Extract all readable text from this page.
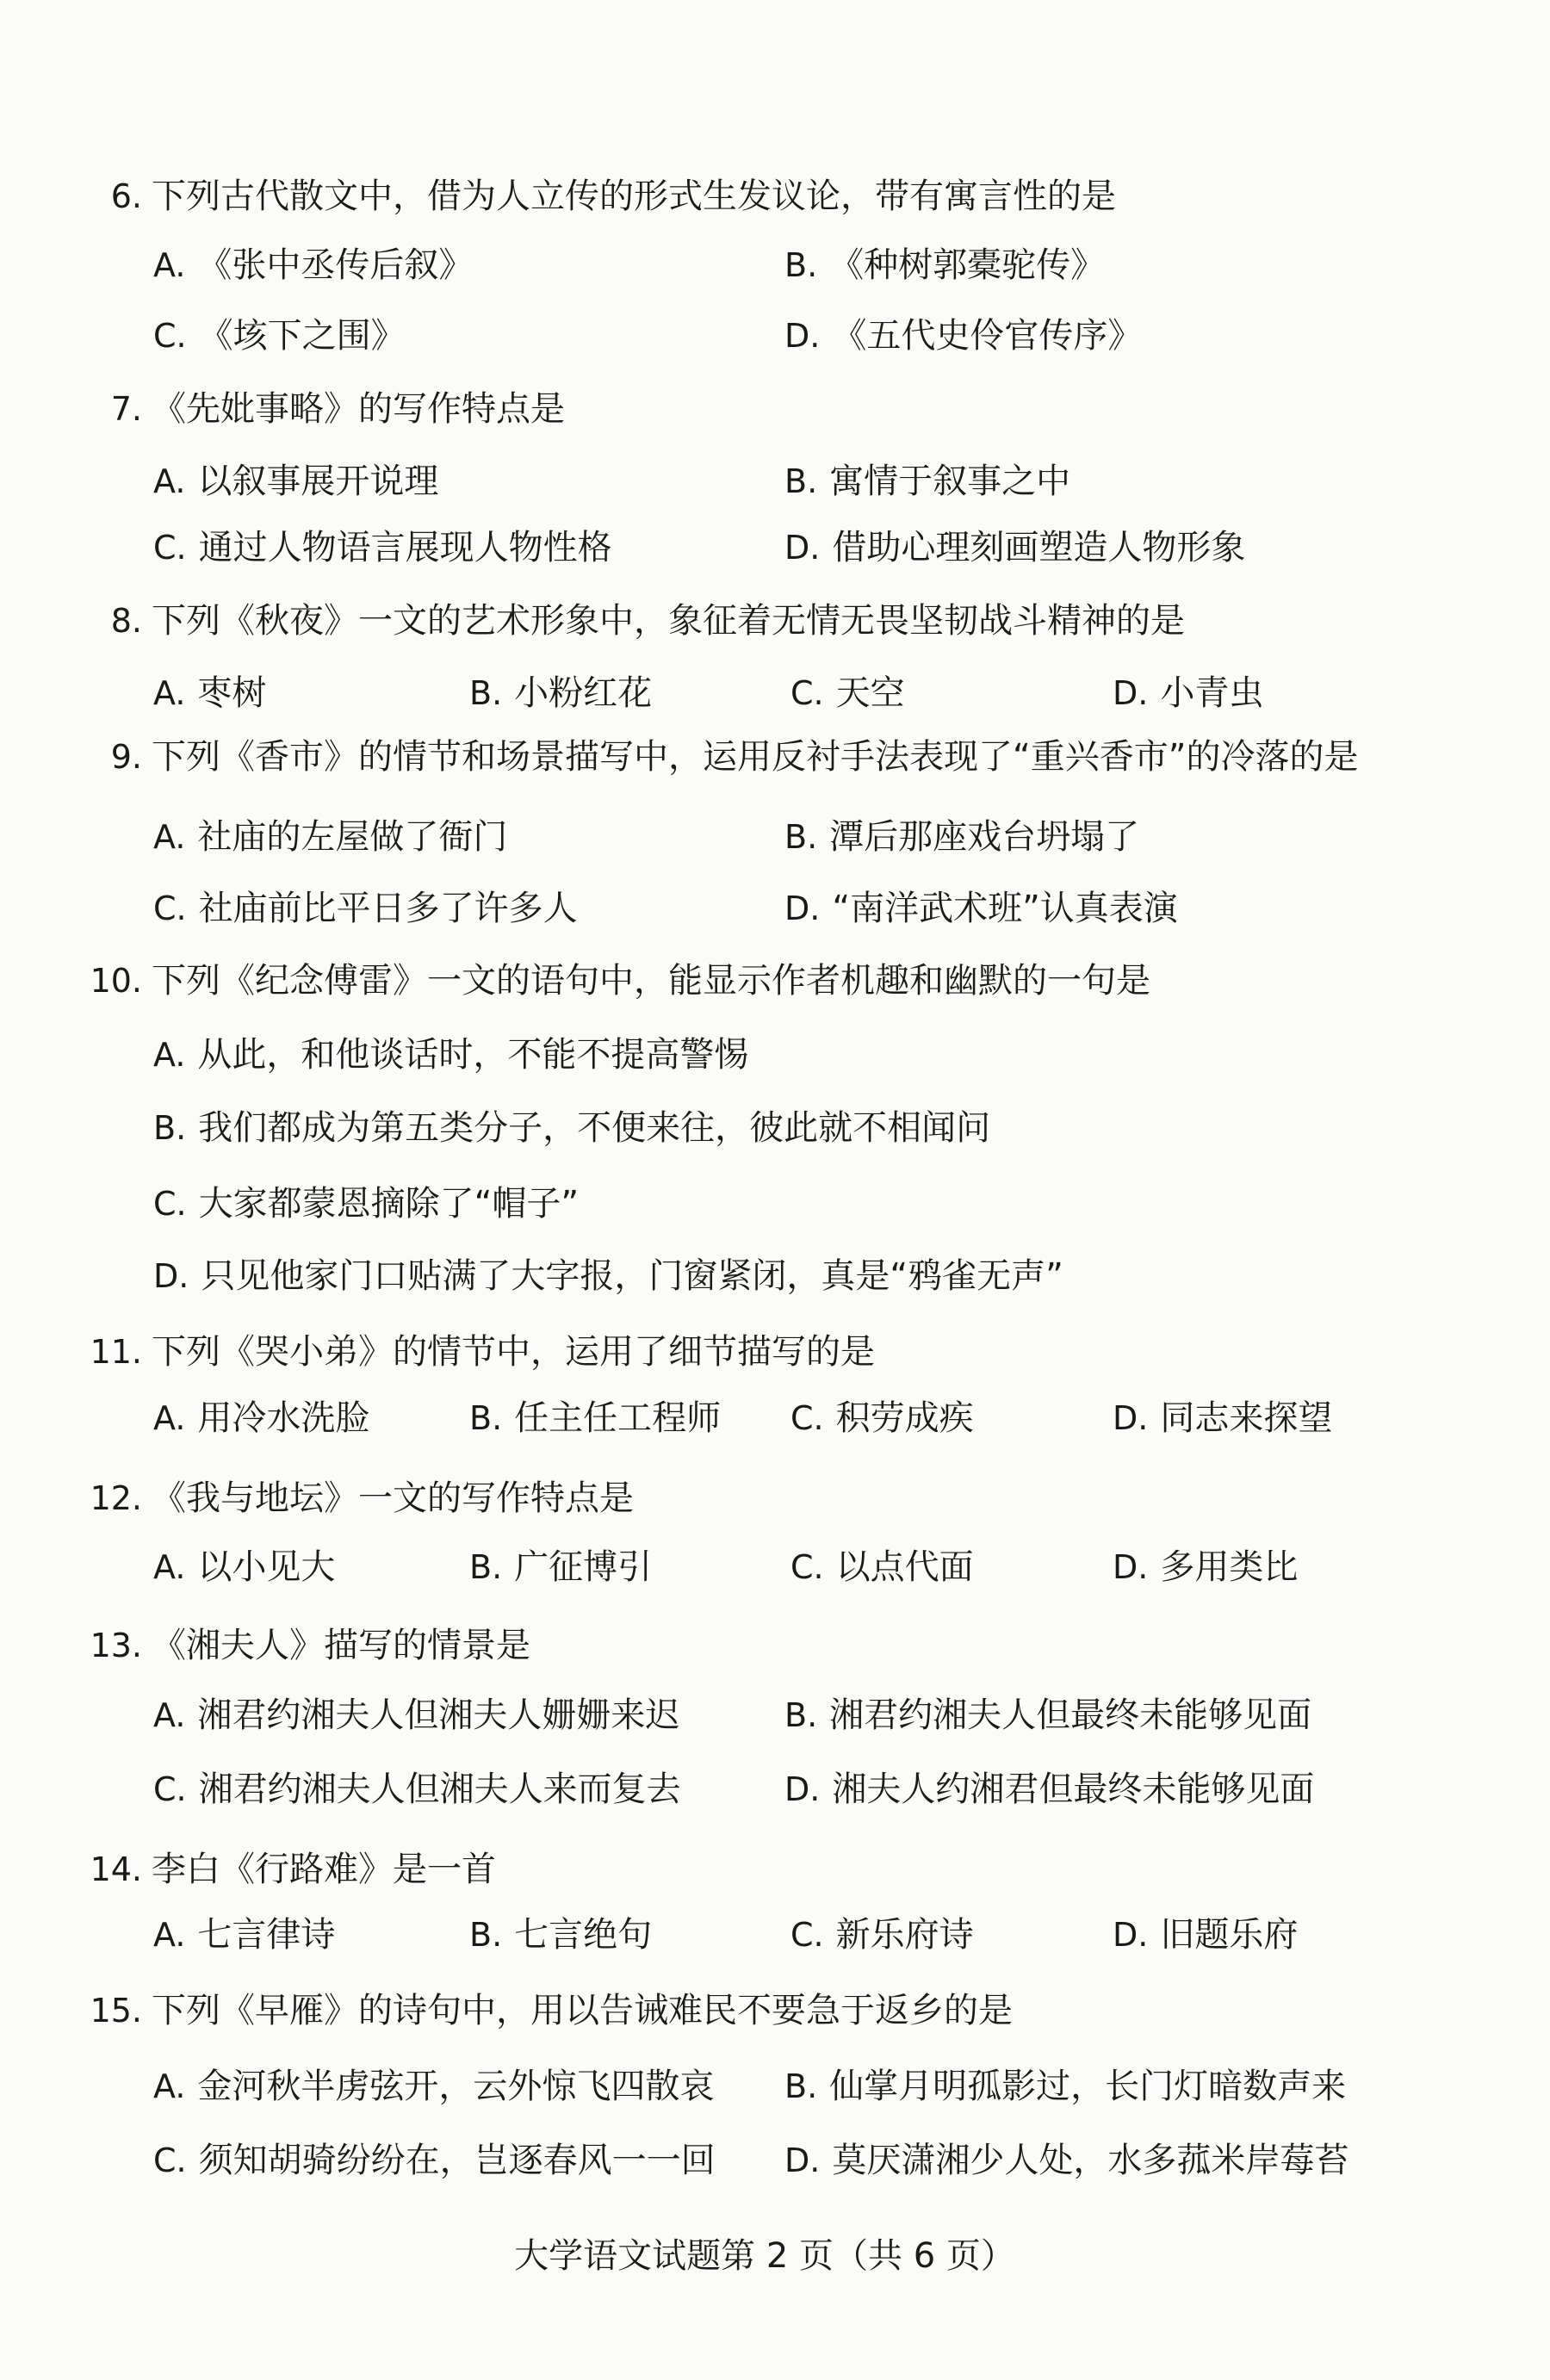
6. 下列古代散文中，借为人立传的形式生发议论，带有寓言性的是
A. 《张中丞传后叙》	B. 《种树郭橐驼传》
C. 《垓下之围》	D. 《五代史伶官传序》
7. 《先妣事略》的写作特点是
A. 以叙事展开说理	B. 寓情于叙事之中
C. 通过人物语言展现人物性格	D. 借助心理刻画塑造人物形象
8. 下列《秋夜》一文的艺术形象中，象征着无情无畏坚韧战斗精神的是
A. 枣树	B. 小粉红花	C. 天空	D. 小青虫
9. 下列《香市》的情节和场景描写中，运用反衬手法表现了“重兴香市”的冷落的是
A. 社庙的左屋做了衙门	B. 潭后那座戏台坍塌了
C. 社庙前比平日多了许多人	D. “南洋武术班”认真表演
10. 下列《纪念傅雷》一文的语句中，能显示作者机趣和幽默的一句是
A. 从此，和他谈话时，不能不提高警惕
B. 我们都成为第五类分子，不便来往，彼此就不相闻问
C. 大家都蒙恩摘除了“帽子”
D. 只见他家门口贴满了大字报，门窗紧闭，真是“鸦雀无声”
11. 下列《哭小弟》的情节中，运用了细节描写的是
A. 用冷水洗脸	B. 任主任工程师 C. 积劳成疾	D. 同志来探望
12. 《我与地坛》一文的写作特点是
A. 以小见大	B. 广征博引	C. 以点代面	D. 多用类比
13. 《湘夫人》描写的情景是
A. 湘君约湘夫人但湘夫人姗姗来迟	B. 湘君约湘夫人但最终未能够见面
C. 湘君约湘夫人但湘夫人来而复去	D. 湘夫人约湘君但最终未能够见面
14. 李白《行路难》是一首
A. 七言律诗	B. 七言绝句	C. 新乐府诗	D. 旧题乐府
15. 下列《早雁》的诗句中，用以告诫难民不要急于返乡的是
A. 金河秋半虏弦开，云外惊飞四散哀 B. 仙掌月明孤影过，长门灯暗数声来
C. 须知胡骑纷纷在，岂逐春风一一回 D. 莫厌潇湘少人处，水多菰米岸莓苔
大学语文试题第 2 页（共 6 页）
